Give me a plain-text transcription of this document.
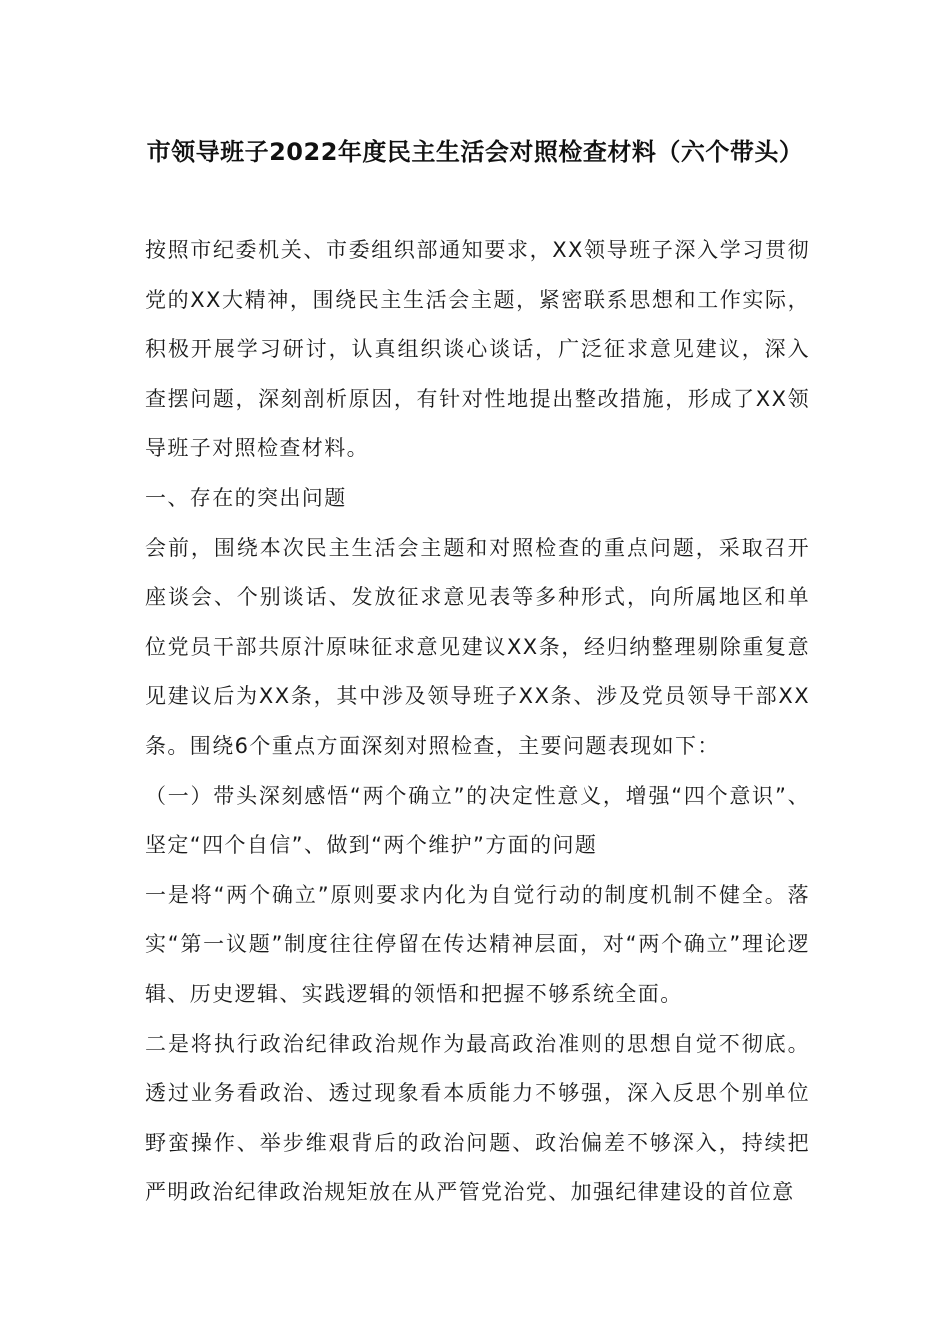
市领导班子2022年度民主生活会对照检查材料（六个带头）

按照市纪委机关、市委组织部通知要求，XX领导班子深入学习贯彻党的XX大精神，围绕民主生活会主题，紧密联系思想和工作实际，积极开展学习研讨，认真组织谈心谈话，广泛征求意见建议，深入查摆问题，深刻剖析原因，有针对性地提出整改措施，形成了XX领导班子对照检查材料。

一、存在的突出问题

会前，围绕本次民主生活会主题和对照检查的重点问题，采取召开座谈会、个别谈话、发放征求意见表等多种形式，向所属地区和单位党员干部共原汁原味征求意见建议XX条，经归纳整理剔除重复意见建议后为XX条，其中涉及领导班子XX条、涉及党员领导干部XX条。围绕6个重点方面深刻对照检查，主要问题表现如下：

（一）带头深刻感悟“两个确立”的决定性意义，增强“四个意识”、坚定“四个自信”、做到“两个维护”方面的问题

一是将“两个确立”原则要求内化为自觉行动的制度机制不健全。落实“第一议题”制度往往停留在传达精神层面，对“两个确立”理论逻辑、历史逻辑、实践逻辑的领悟和把握不够系统全面。

二是将执行政治纪律政治规作为最高政治准则的思想自觉不彻底。透过业务看政治、透过现象看本质能力不够强，深入反思个别单位野蛮操作、举步维艰背后的政治问题、政治偏差不够深入，持续把严明政治纪律政治规矩放在从严管党治党、加强纪律建设的首位意
